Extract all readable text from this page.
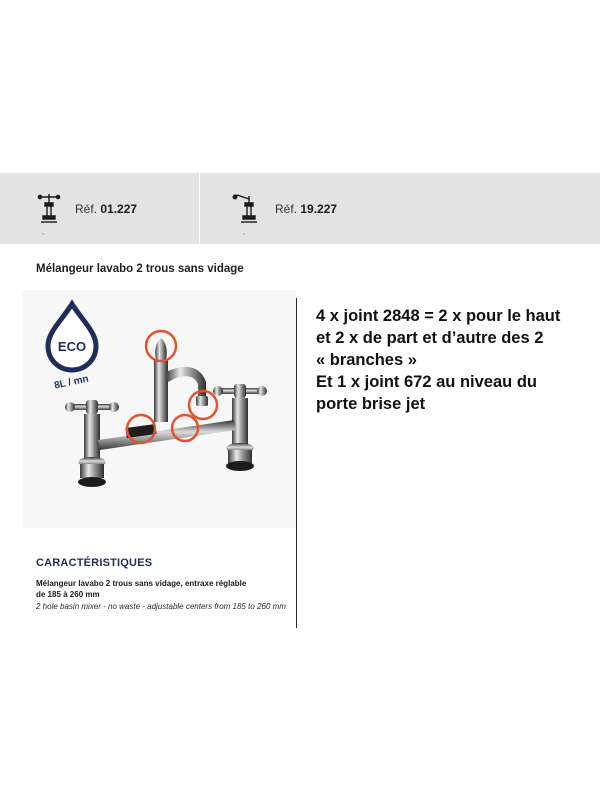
Réf. 01.227
,
Réf. 19.227
,
Mélangeur lavabo 2 trous sans vidage
ECO
8L / mn
4 x joint 2848 = 2 x pour le haut
et 2 x de part et d’autre des 2
« branches »
Et 1 x joint 672 au niveau du
porte brise jet
CARACTÉRISTIQUES
Mélangeur lavabo 2 trous sans vidage, entraxe réglable
de 185 à 260 mm
2 hole basin mixer - no waste - adjustable centers from 185 to 260 mm
